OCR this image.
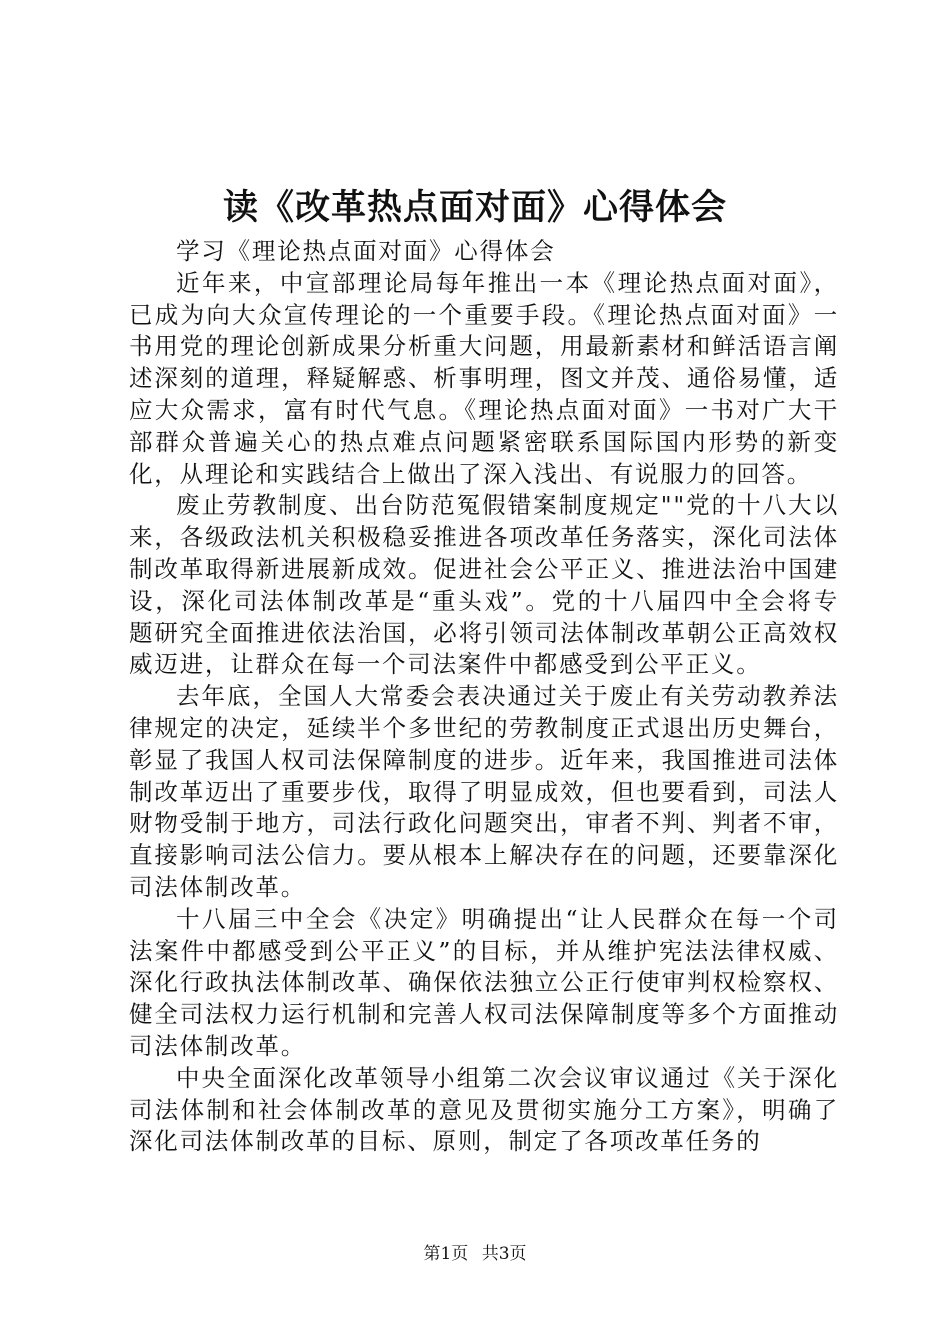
读《改革热点面对面》心得体会

学习《理论热点面对面》心得体会

近年来，中宣部理论局每年推出一本《理论热点面对面》，已成为向大众宣传理论的一个重要手段。《理论热点面对面》一书用党的理论创新成果分析重大问题，用最新素材和鲜活语言阐述深刻的道理，释疑解惑、析事明理，图文并茂、通俗易懂，适应大众需求，富有时代气息。《理论热点面对面》一书对广大干部群众普遍关心的热点难点问题紧密联系国际国内形势的新变化，从理论和实践结合上做出了深入浅出、有说服力的回答。

废止劳教制度、出台防范冤假错案制度规定""党的十八大以来，各级政法机关积极稳妥推进各项改革任务落实，深化司法体制改革取得新进展新成效。促进社会公平正义、推进法治中国建设，深化司法体制改革是“重头戏”。党的十八届四中全会将专题研究全面推进依法治国，必将引领司法体制改革朝公正高效权威迈进，让群众在每一个司法案件中都感受到公平正义。

去年底，全国人大常委会表决通过关于废止有关劳动教养法律规定的决定，延续半个多世纪的劳教制度正式退出历史舞台，彰显了我国人权司法保障制度的进步。近年来，我国推进司法体制改革迈出了重要步伐，取得了明显成效，但也要看到，司法人财物受制于地方，司法行政化问题突出，审者不判、判者不审，直接影响司法公信力。要从根本上解决存在的问题，还要靠深化司法体制改革。

十八届三中全会《决定》明确提出“让人民群众在每一个司法案件中都感受到公平正义”的目标，并从维护宪法法律权威、深化行政执法体制改革、确保依法独立公正行使审判权检察权、健全司法权力运行机制和完善人权司法保障制度等多个方面推动司法体制改革。

中央全面深化改革领导小组第二次会议审议通过《关于深化司法体制和社会体制改革的意见及贯彻实施分工方案》，明确了深化司法体制改革的目标、原则，制定了各项改革任务的

第1页 共3页
